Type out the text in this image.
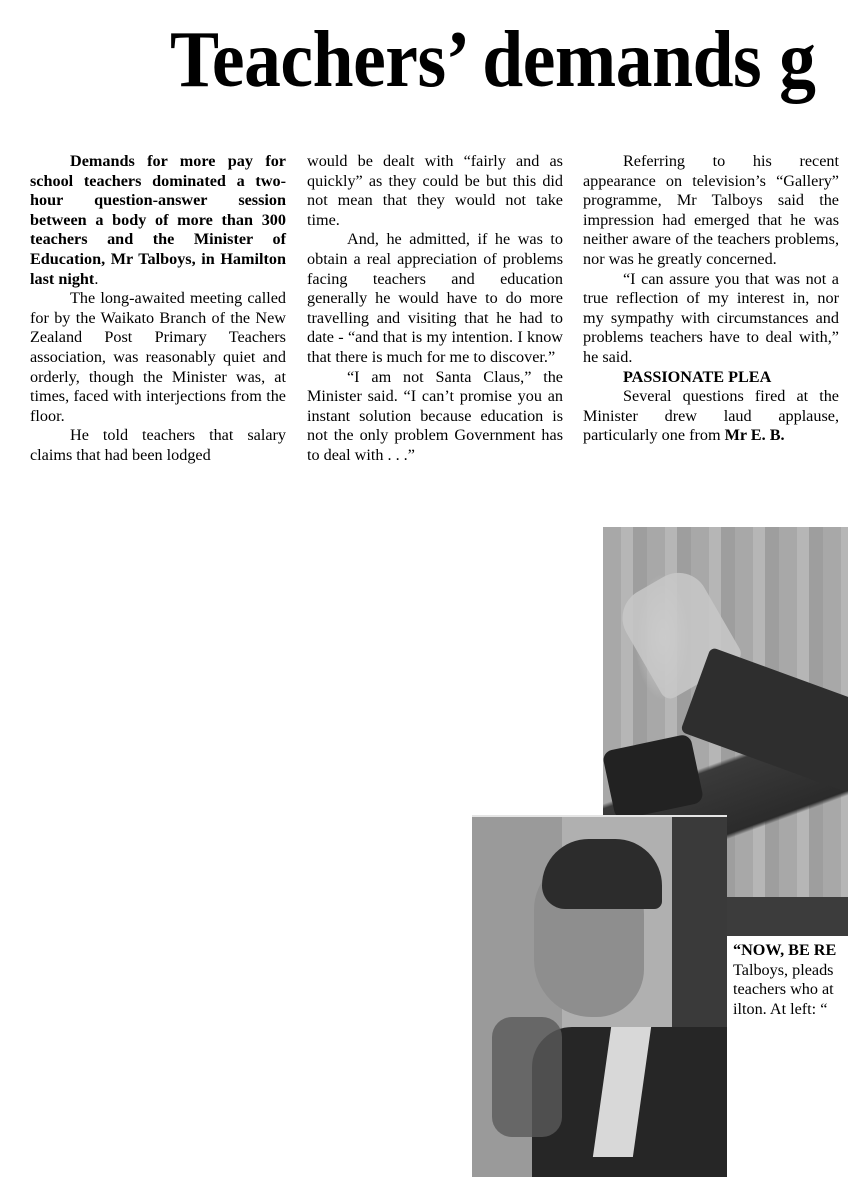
Teachers’ demands g

Demands for more pay for school teachers dominated a two-hour question-answer session between a body of more than 300 teachers and the Minister of Education, Mr Talboys, in Hamilton last night.

The long-awaited meeting called for by the Waikato Branch of the New Zealand Post Primary Teachers association, was reasonably quiet and orderly, though the Minister was, at times, faced with interjections from the floor.

He told teachers that salary claims that had been lodged

would be dealt with “fairly and as quickly” as they could be but this did not mean that they would not take time.

And, he admitted, if he was to obtain a real appreciation of problems facing teachers and education generally he would have to do more travelling and visiting that he had to date - “and that is my intention. I know that there is much for me to discover.”

“I am not Santa Claus,” the Minister said. “I can’t promise you an instant solution because education is not the only problem Government has to deal with . . .”

Referring to his recent appearance on television’s “Gallery” programme, Mr Talboys said the impression had emerged that he was neither aware of the teachers problems, nor was he greatly concerned.

“I can assure you that was not a true reflection of my interest in, nor my sympathy with circumstances and problems teachers have to deal with,” he said.

PASSIONATE PLEA

Several questions fired at the Minister drew laud applause, particularly one from Mr E. B.

“NOW, BE RE
Talboys, pleads
teachers who at
ilton. At left: “
